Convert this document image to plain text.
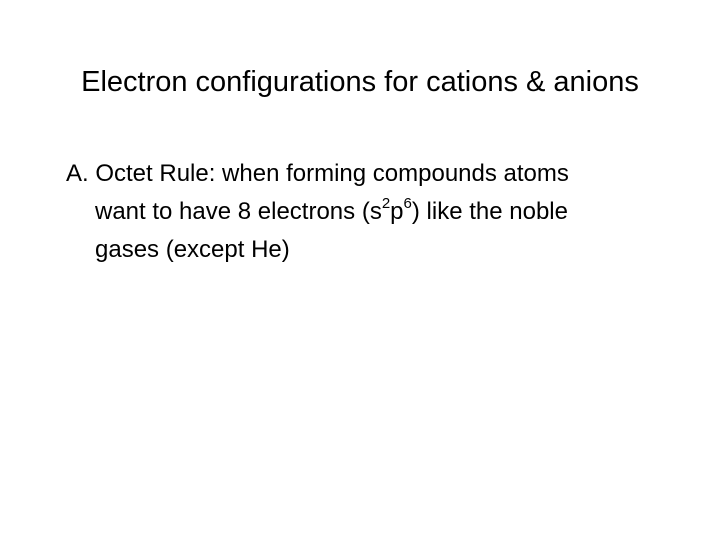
Electron configurations for cations & anions
A. Octet Rule: when forming compounds atoms
want to have 8 electrons $(s^2p^6)$ like the noble
gases (except He)
